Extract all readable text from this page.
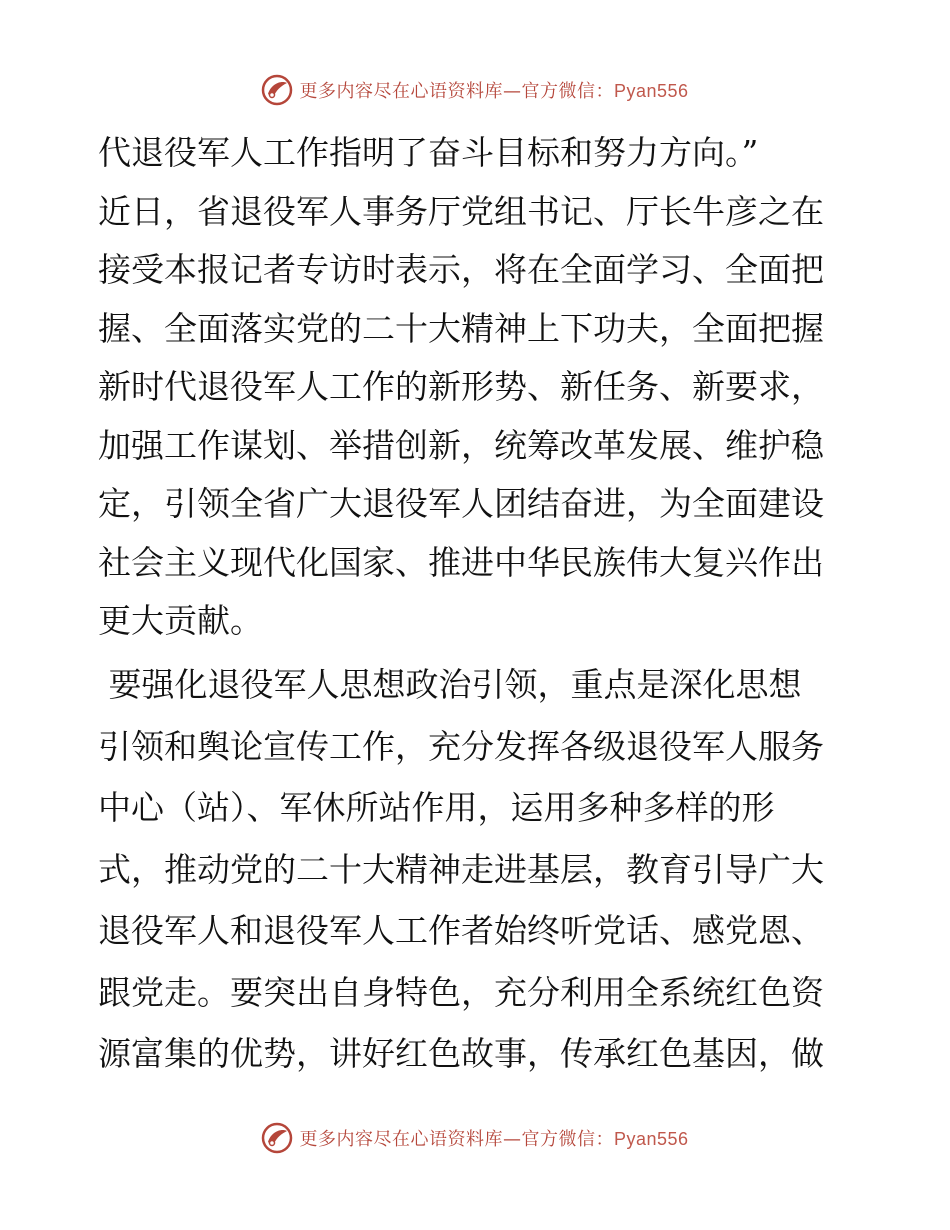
更多内容尽在心语资料库—官方微信：Pyan556
代退役军人工作指明了奋斗目标和努力方向。”
近日，省退役军人事务厅党组书记、厅长牛彦之在
接受本报记者专访时表示，将在全面学习、全面把
握、全面落实党的二十大精神上下功夫，全面把握
新时代退役军人工作的新形势、新任务、新要求，
加强工作谋划、举措创新，统筹改革发展、维护稳
定，引领全省广大退役军人团结奋进，为全面建设
社会主义现代化国家、推进中华民族伟大复兴作出
更大贡献。
要强化退役军人思想政治引领，重点是深化思想
引领和舆论宣传工作，充分发挥各级退役军人服务
中心（站）、军休所站作用，运用多种多样的形
式，推动党的二十大精神走进基层，教育引导广大
退役军人和退役军人工作者始终听党话、感党恩、
跟党走。要突出自身特色，充分利用全系统红色资
源富集的优势，讲好红色故事，传承红色基因，做
更多内容尽在心语资料库—官方微信：Pyan556
